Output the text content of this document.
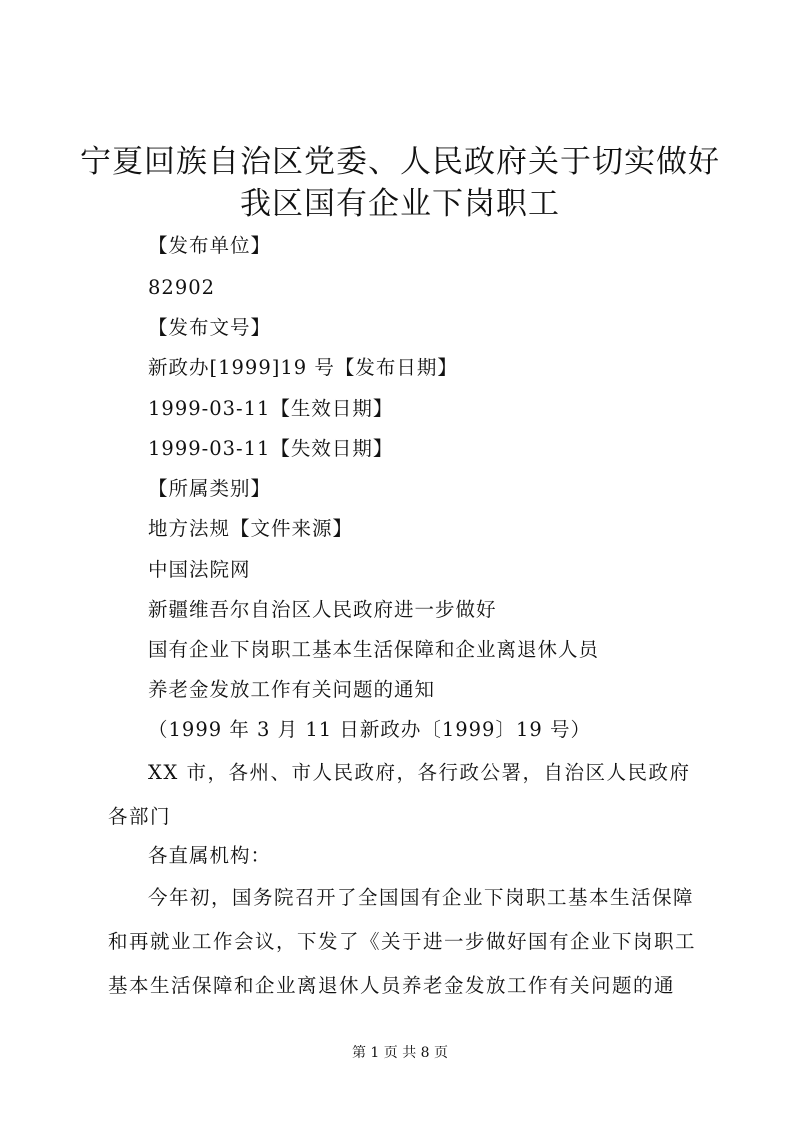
宁夏回族自治区党委、人民政府关于切实做好
我区国有企业下岗职工
【发布单位】
82902
【发布文号】
新政办[1999]19 号【发布日期】
1999-03-11【生效日期】
1999-03-11【失效日期】
【所属类别】
地方法规【文件来源】
中国法院网
新疆维吾尔自治区人民政府进一步做好
国有企业下岗职工基本生活保障和企业离退休人员
养老金发放工作有关问题的通知
（1999 年 3 月 11 日新政办〔1999〕19 号）
XX 市，各州、市人民政府，各行政公署，自治区人民政府
各部门
各直属机构：
今年初，国务院召开了全国国有企业下岗职工基本生活保障
和再就业工作会议，下发了《关于进一步做好国有企业下岗职工
基本生活保障和企业离退休人员养老金发放工作有关问题的通
第 1 页 共 8 页
